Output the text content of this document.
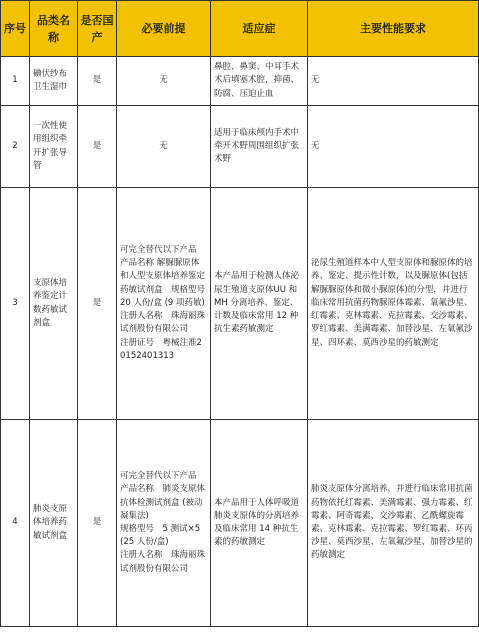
序号	品类名称	是否国产	必要前提	适应症	主要性能要求
1	碘伏纱布卫生湿巾	是	无	鼻腔、鼻窦、中耳手术术后填塞术腔，抑菌、防腐、压迫止血	无
2	一次性使用组织牵开扩张导管	是	无	适用于临床颅内手术中牵开术野周围组织扩张术野	无
3	支原体培养鉴定计数药敏试剂盒	是	可完全替代以下产品
产品名称 解脲脲原体和人型支原体培养鉴定药敏试剂盒　规格型号 20 人份/盒 (9 项药敏)
注册人名称　珠海丽珠试剂股份有限公司
注册证号　粤械注准20152401313	本产品用于检测人体泌尿生殖道支原体UU 和 MH 分离培养、鉴定、计数及临床常用 12 种抗生素药敏测定	泌尿生殖道样本中人型支原体和脲原体的培养、鉴定、提示性计数，以及脲原体(包括解脲脲原体和微小脲原体)的分型，并进行临床常用抗菌药物脲原体霉素、氧氟沙星、红霉素、克林霉素、克拉霉素、交沙霉素、罗红霉素、美满霉素、加替沙星、左氧氟沙星、四环素、莫西沙星的药敏测定
4	肺炎支原体培养药敏试剂盒	是	可完全替代以下产品
产品名称　肺炎支原体抗体检测试剂盒 (被动凝集法)
规格型号　5 测试×5 (25 人份/盒)
注册人名称　珠海丽珠试剂股份有限公司	本产品用于人体呼吸道肺炎支原体的分离培养及临床常用 14 种抗生素的药敏测定	肺炎支原体分离培养，并进行临床常用抗菌药物依托红霉素、美满霉素、强力霉素、红霉素、阿奇霉素、交沙霉素、乙酰螺旋霉素、克林霉素、克拉霉素、罗红霉素、环丙沙星、莫西沙星、左氧氟沙星、加替沙星的药敏测定
